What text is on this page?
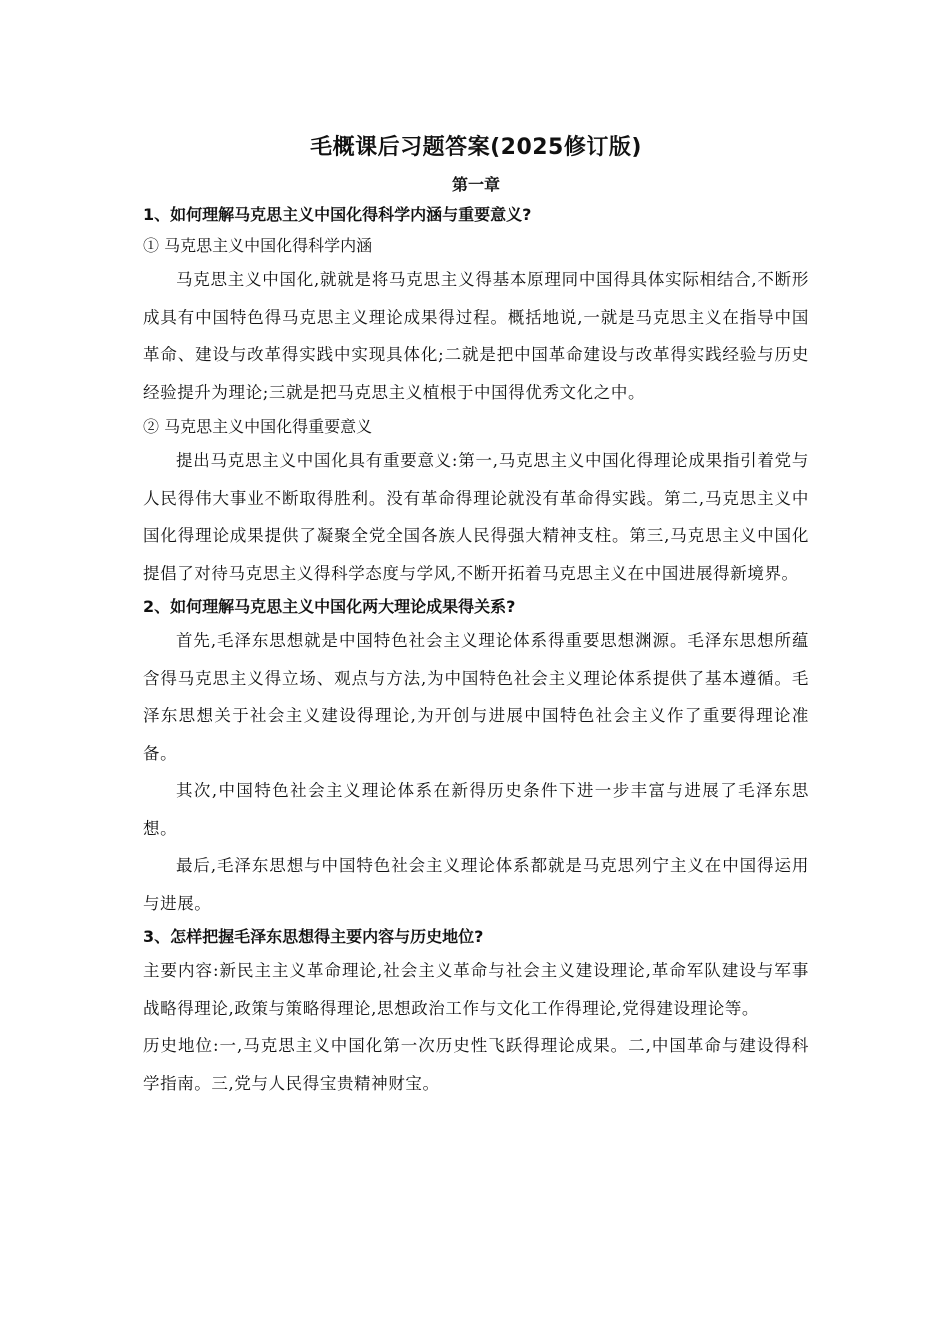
毛概课后习题答案(2025修订版)
第一章
1、如何理解马克思主义中国化得科学内涵与重要意义?
① 马克思主义中国化得科学内涵

马克思主义中国化,就就是将马克思主义得基本原理同中国得具体实际相结合,不断形成具有中国特色得马克思主义理论成果得过程。概括地说,一就是马克思主义在指导中国革命、建设与改革得实践中实现具体化;二就是把中国革命建设与改革得实践经验与历史经验提升为理论;三就是把马克思主义植根于中国得优秀文化之中。

② 马克思主义中国化得重要意义

提出马克思主义中国化具有重要意义:第一,马克思主义中国化得理论成果指引着党与人民得伟大事业不断取得胜利。没有革命得理论就没有革命得实践。第二,马克思主义中国化得理论成果提供了凝聚全党全国各族人民得强大精神支柱。第三,马克思主义中国化提倡了对待马克思主义得科学态度与学风,不断开拓着马克思主义在中国进展得新境界。

2、如何理解马克思主义中国化两大理论成果得关系?

首先,毛泽东思想就是中国特色社会主义理论体系得重要思想渊源。毛泽东思想所蕴含得马克思主义得立场、观点与方法,为中国特色社会主义理论体系提供了基本遵循。毛泽东思想关于社会主义建设得理论,为开创与进展中国特色社会主义作了重要得理论准备。

其次,中国特色社会主义理论体系在新得历史条件下进一步丰富与进展了毛泽东思想。

最后,毛泽东思想与中国特色社会主义理论体系都就是马克思列宁主义在中国得运用与进展。

3、怎样把握毛泽东思想得主要内容与历史地位?

主要内容:新民主主义革命理论,社会主义革命与社会主义建设理论,革命军队建设与军事战略得理论,政策与策略得理论,思想政治工作与文化工作得理论,党得建设理论等。

历史地位:一,马克思主义中国化第一次历史性飞跃得理论成果。二,中国革命与建设得科学指南。三,党与人民得宝贵精神财宝。
